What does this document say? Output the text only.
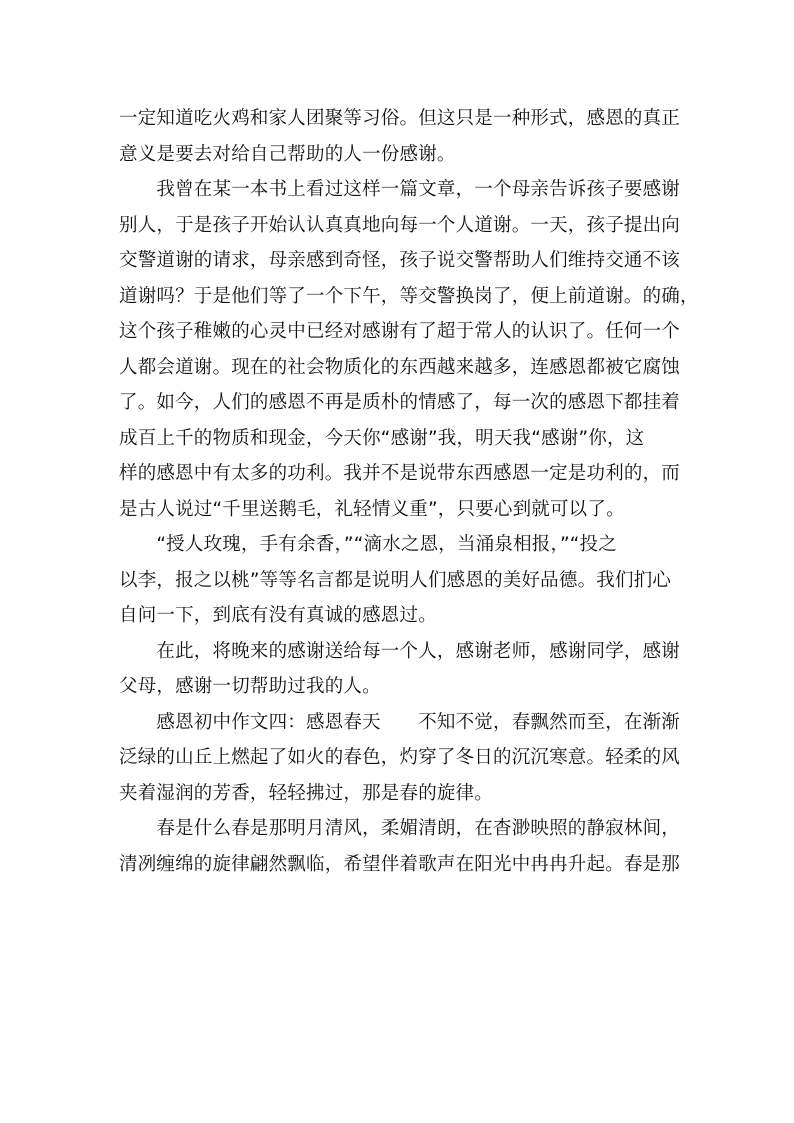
一定知道吃火鸡和家人团聚等习俗。但这只是一种形式，感恩的真正
意义是要去对给自己帮助的人一份感谢。
　　我曾在某一本书上看过这样一篇文章，一个母亲告诉孩子要感谢
别人，于是孩子开始认认真真地向每一个人道谢。一天，孩子提出向
交警道谢的请求，母亲感到奇怪，孩子说交警帮助人们维持交通不该
道谢吗？于是他们等了一个下午，等交警换岗了，便上前道谢。的确，
这个孩子稚嫩的心灵中已经对感谢有了超于常人的认识了。任何一个
人都会道谢。现在的社会物质化的东西越来越多，连感恩都被它腐蚀
了。如今，人们的感恩不再是质朴的情感了，每一次的感恩下都挂着
成百上千的物质和现金，今天你“感谢”我，明天我“感谢”你，这
样的感恩中有太多的功利。我并不是说带东西感恩一定是功利的，而
是古人说过“千里送鹅毛，礼轻情义重”，只要心到就可以了。
　　“授人玫瑰，手有余香，”“滴水之恩，当涌泉相报，”“投之
以李，报之以桃”等等名言都是说明人们感恩的美好品德。我们扪心
自问一下，到底有没有真诚的感恩过。
　　在此，将晚来的感谢送给每一个人，感谢老师，感谢同学，感谢
父母，感谢一切帮助过我的人。
　　感恩初中作文四：感恩春天　　不知不觉，春飘然而至，在渐渐
泛绿的山丘上燃起了如火的春色，灼穿了冬日的沉沉寒意。轻柔的风
夹着湿润的芳香，轻轻拂过，那是春的旋律。
　　春是什么春是那明月清风，柔媚清朗，在杳渺映照的静寂林间，
清冽缠绵的旋律翩然飘临，希望伴着歌声在阳光中冉冉升起。春是那
